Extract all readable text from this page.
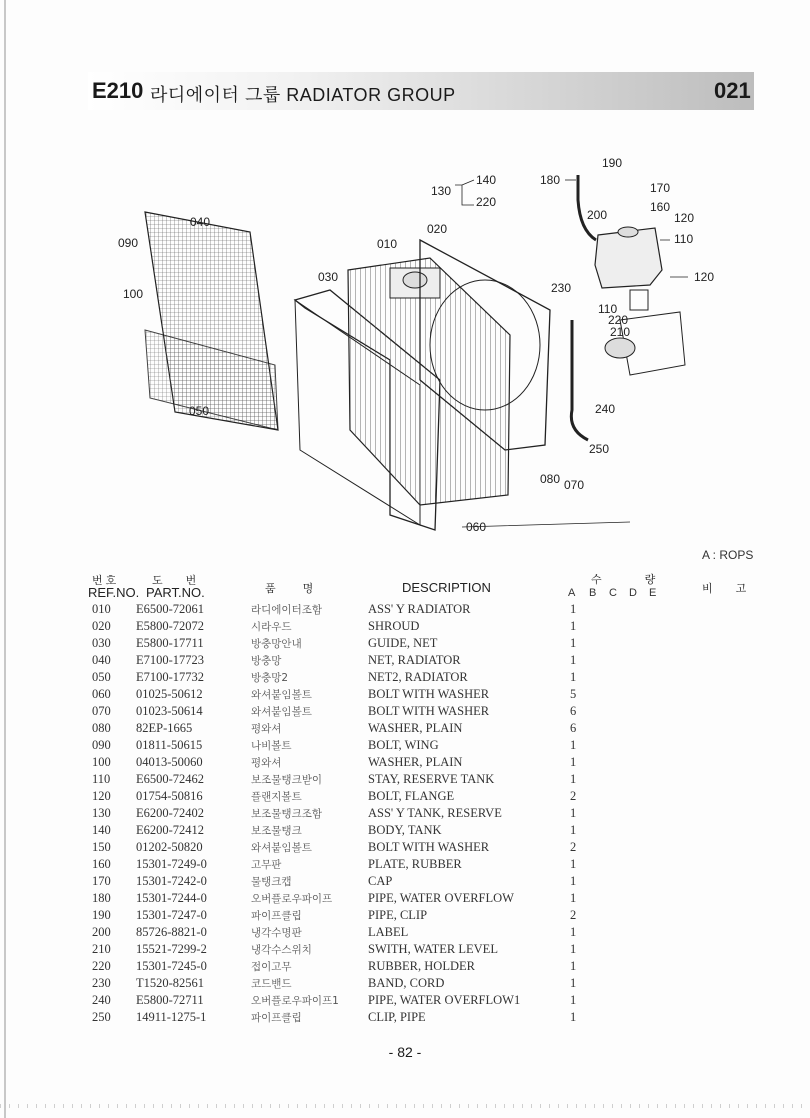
E210 라디에이터 그룹 RADIATOR GROUP	021
190
180
170
160
120
200
110
120
140
130
220
020
010
030
040
090
100
050
230
110
220
210
240
250
080 070
060
A : ROPS
번 호
REF.NO.
도 번
PART.NO.	품 명	DESCRIPTION	수 량
A B C D E	비 고
010 E6500-72061	라디에이터조함	ASS' Y RADIATOR	1
020 E5800-72072	시라우드	SHROUD	1
030 E5800-17711	방충망안내	GUIDE, NET	1
040 E7100-17723	방충망	NET, RADIATOR	1
050 E7100-17732	방충망2	NET2, RADIATOR	1
060 01025-50612	와셔붙임볼트	BOLT WITH WASHER	5
070 01023-50614	와셔붙임볼트	BOLT WITH WASHER	6
080 82EP-1665	평와셔	WASHER, PLAIN	6
090 01811-50615	나비볼트	BOLT, WING	1
100 04013-50060	평와셔	WASHER, PLAIN	1
110 E6500-72462	보조물탱크받이	STAY, RESERVE TANK	1
120 01754-50816	플랜지볼트	BOLT, FLANGE	2
130 E6200-72402	보조물탱크조함	ASS' Y TANK, RESERVE	1
140 E6200-72412	보조물탱크	BODY, TANK	1
150 01202-50820	와셔붙임볼트	BOLT WITH WASHER	2
160 15301-7249-0	고무판	PLATE, RUBBER	1
170 15301-7242-0	물탱크캡	CAP	1
180 15301-7244-0	오버플로우파이프	PIPE, WATER OVERFLOW	1
190 15301-7247-0	파이프클립	PIPE, CLIP	2
200 85726-8821-0	냉각수명판	LABEL	1
210 15521-7299-2	냉각수스위치	SWITH, WATER LEVEL	1
220 15301-7245-0	접이고무	RUBBER, HOLDER	1
230 T1520-82561	코드밴드	BAND, CORD	1
240 E5800-72711	오버플로우파이프1 PIPE, WATER OVERFLOW1	1
250 14911-1275-1	파이프클립	CLIP, PIPE	1
- 82 -
